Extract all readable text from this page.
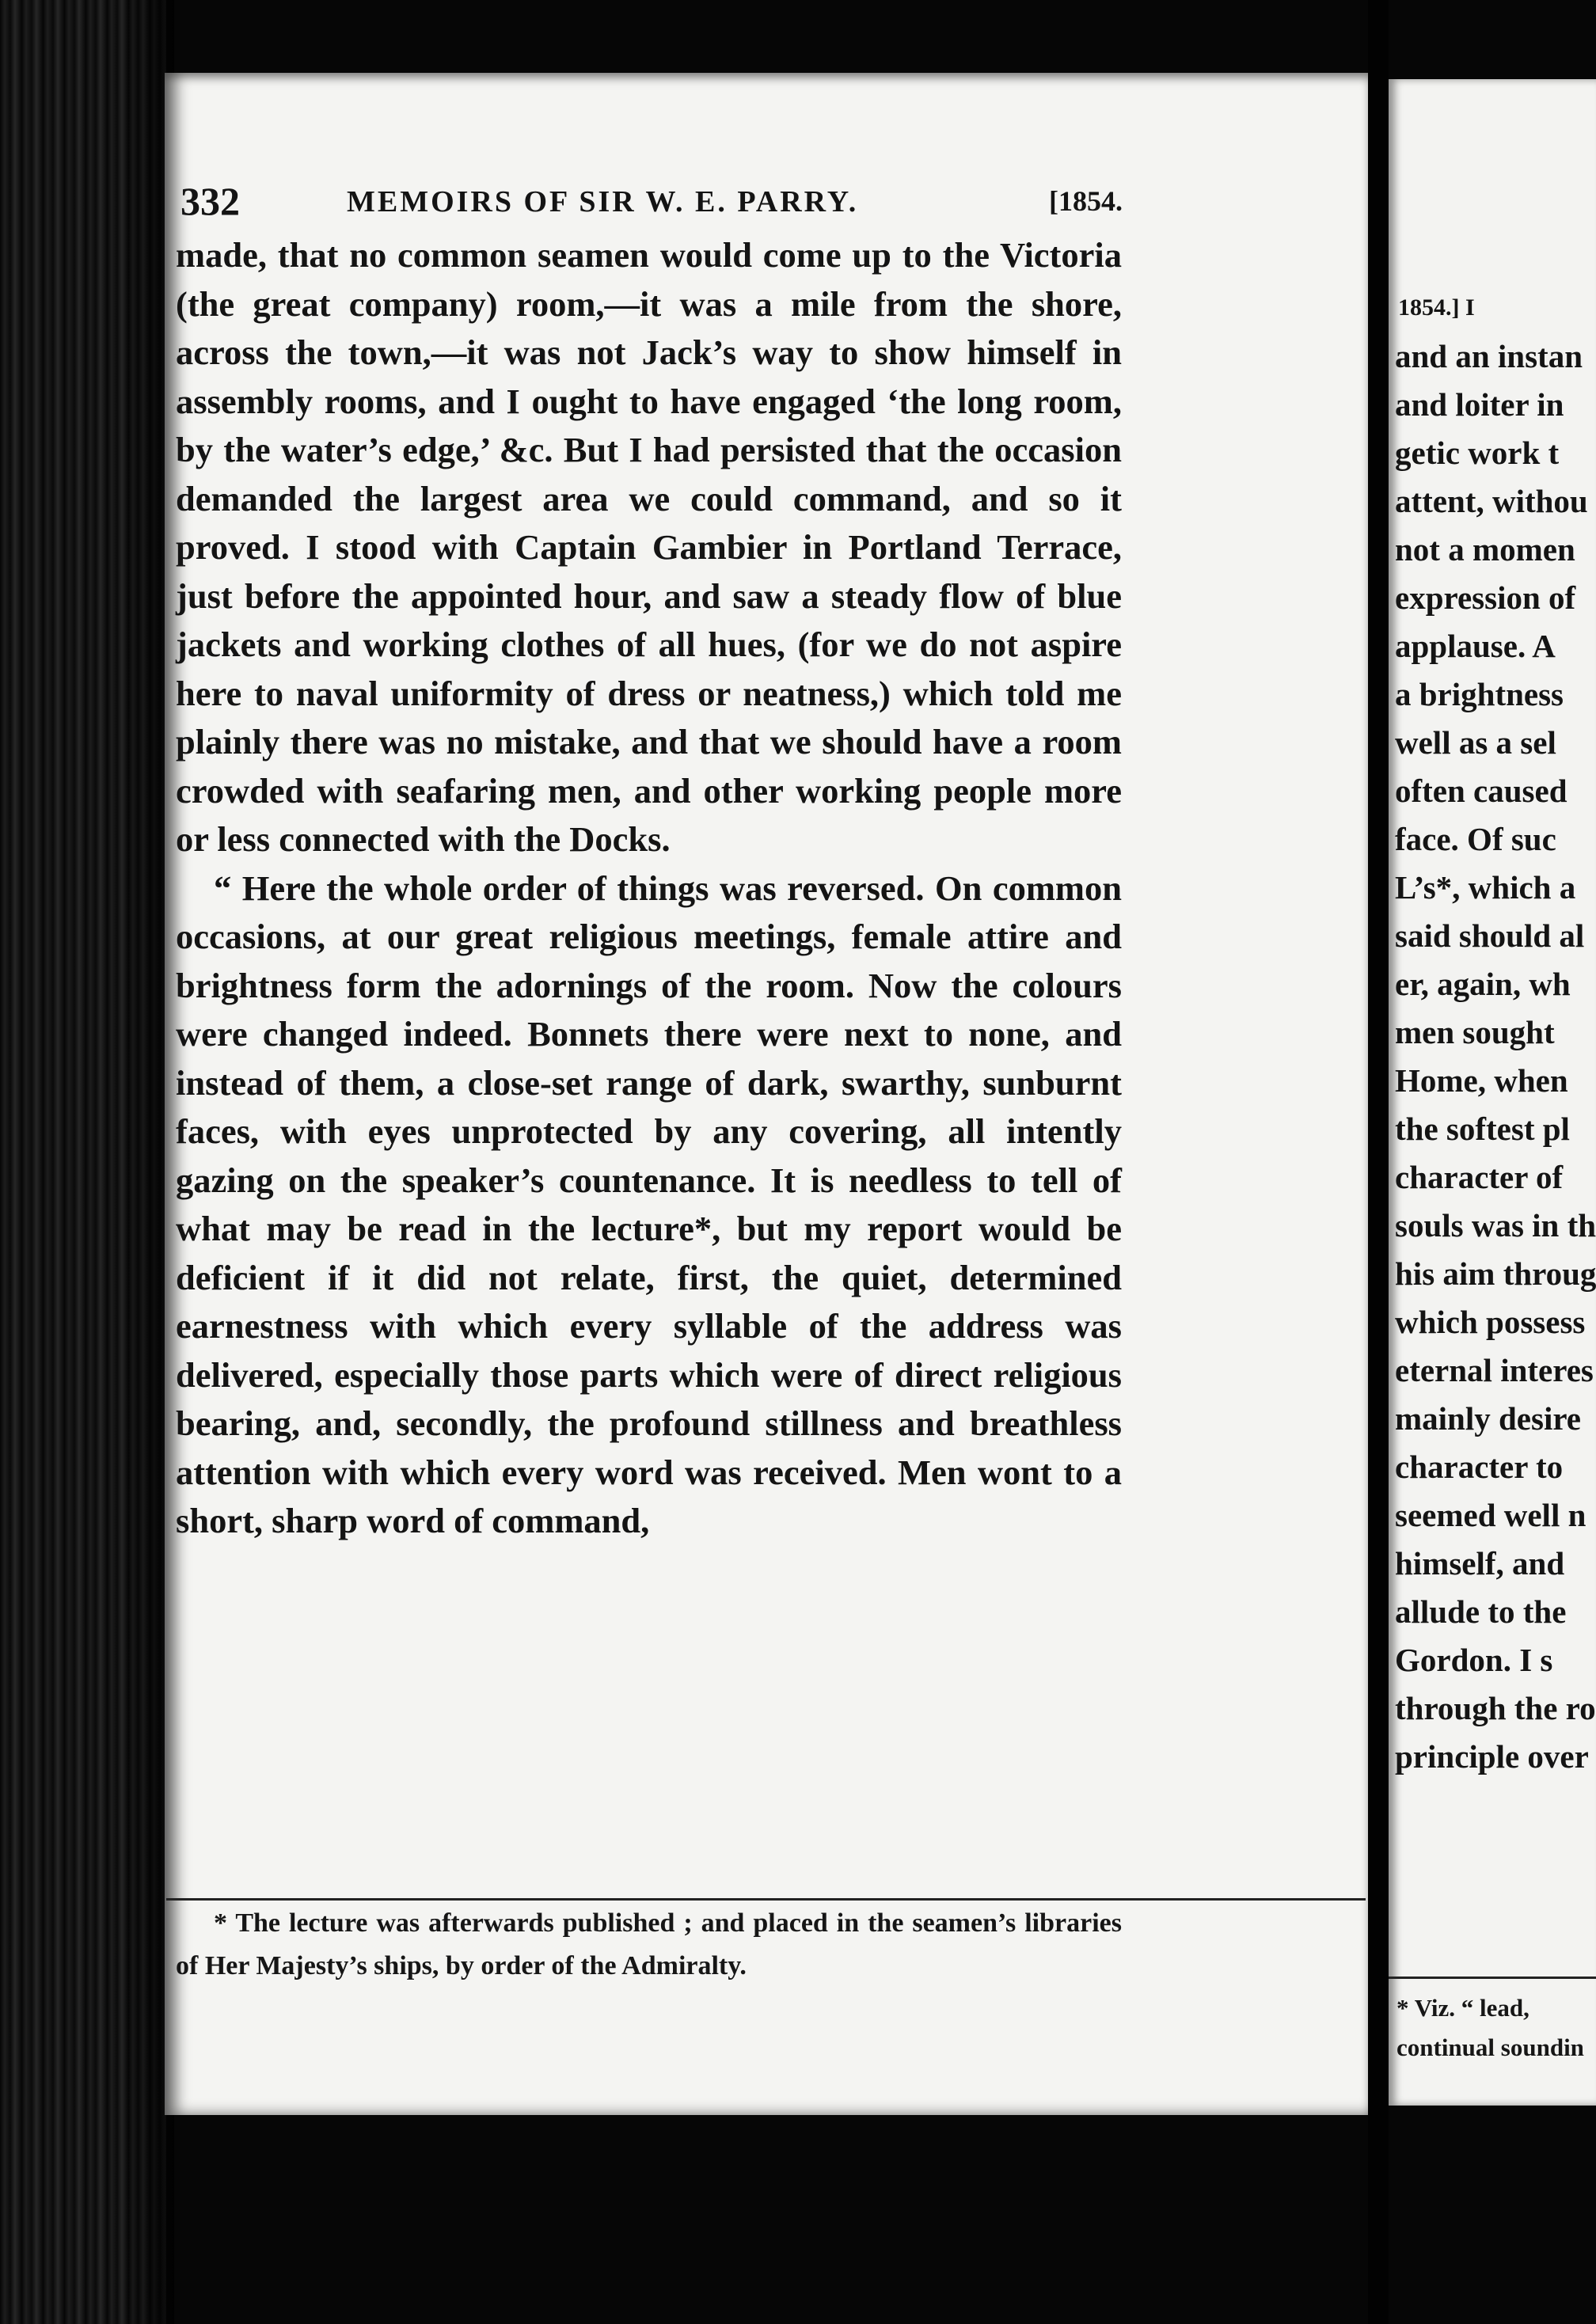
332	MEMOIRS OF SIR W. E. PARRY.	[1854.

made, that no common seamen would come up to the Victoria (the great company) room,—it was a mile from the shore, across the town,—it was not Jack’s way to show himself in assembly rooms, and I ought to have engaged ‘the long room, by the water’s edge,’ &c. But I had persisted that the occasion demanded the largest area we could command, and so it proved. I stood with Captain Gambier in Portland Terrace, just before the appointed hour, and saw a steady flow of blue jackets and working clothes of all hues, (for we do not aspire here to naval uniformity of dress or neatness,) which told me plainly there was no mistake, and that we should have a room crowded with seafaring men, and other working people more or less connected with the Docks.

“ Here the whole order of things was reversed. On common occasions, at our great religious meetings, female attire and brightness form the adornings of the room. Now the colours were changed indeed. Bonnets there were next to none, and instead of them, a close-set range of dark, swarthy, sunburnt faces, with eyes unprotected by any covering, all intently gazing on the speaker’s countenance. It is needless to tell of what may be read in the lecture*, but my report would be deficient if it did not relate, first, the quiet, determined earnestness with which every syllable of the address was delivered, especially those parts which were of direct religious bearing, and, secondly, the profound stillness and breathless attention with which every word was received. Men wont to a short, sharp word of command,

* The lecture was afterwards published ; and placed in the seamen’s libraries of Her Majesty’s ships, by order of the Admiralty.
1854.] I
and an instan
and loiter in
getic work t
attent, withou
not a momen
expression of
applause. A
a brightness
well as a sel
often caused
face. Of suc
L’s*, which a
said should al
er, again, wh
men sought
Home, when
the softest pl
character of
souls was in th
his aim throug
which possess
eternal interes
mainly desire
character to
seemed well n
himself, and
allude to the
Gordon. I s
through the ro
principle over
* Viz. “ lead,
continual soundin
